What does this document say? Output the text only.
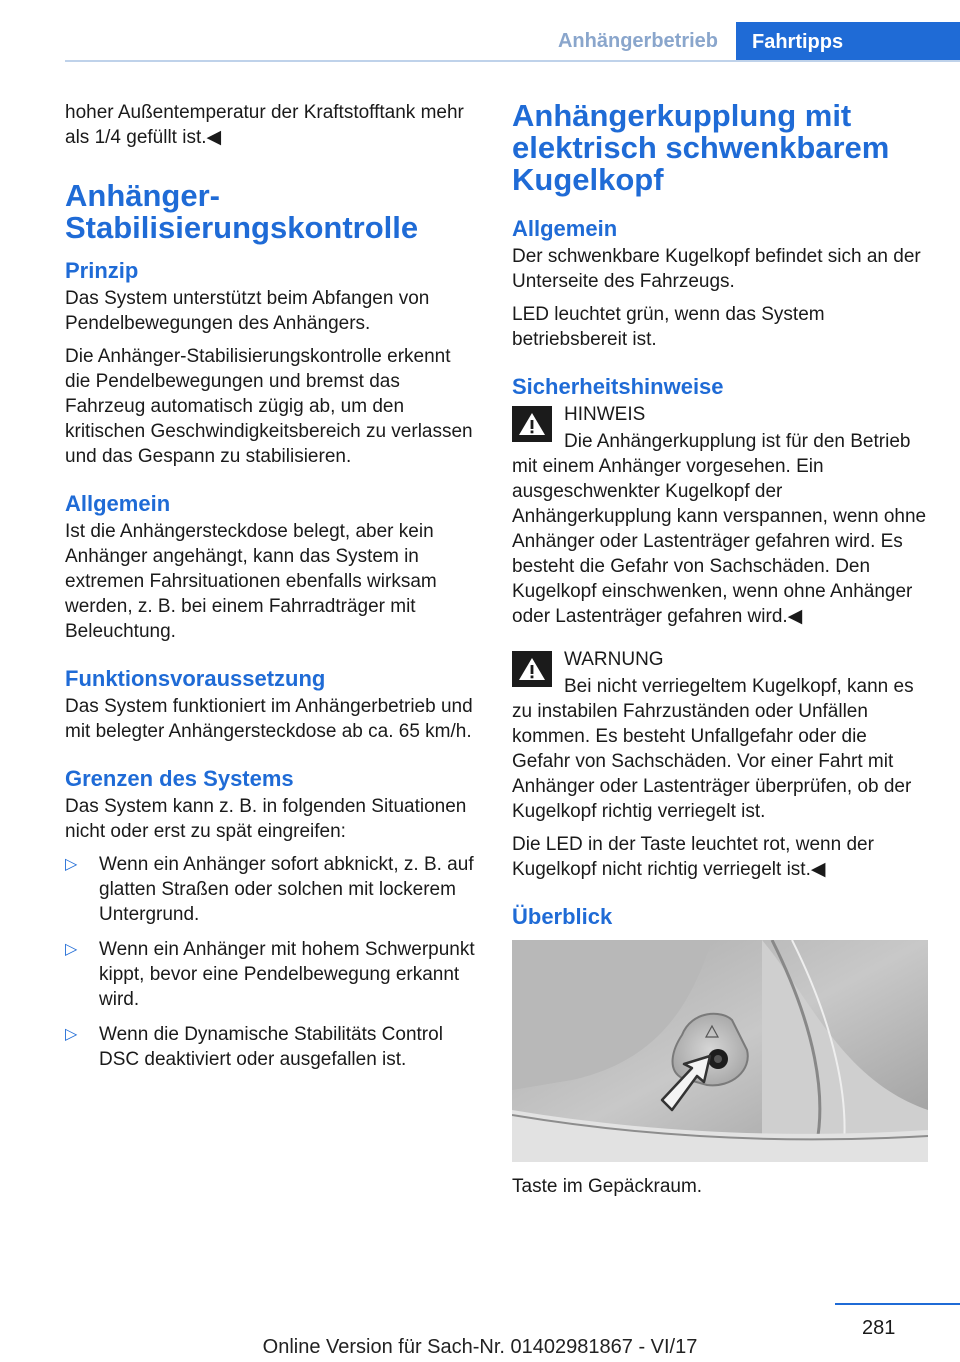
Anhängerbetrieb	Fahrtipps

hoher Außentemperatur der Kraftstofftank mehr als 1/4 gefüllt ist.◀

Anhänger-
Stabilisierungskontrolle
Prinzip

Das System unterstützt beim Abfangen von Pendelbewegungen des Anhängers.

Die Anhänger-Stabilisierungskontrolle erkennt die Pendelbewegungen und bremst das Fahrzeug automatisch zügig ab, um den kritischen Geschwindigkeitsbereich zu verlassen und das Gespann zu stabilisieren.

Allgemein

Ist die Anhängersteckdose belegt, aber kein Anhänger angehängt, kann das System in extremen Fahrsituationen ebenfalls wirksam werden, z. B. bei einem Fahrradträger mit Beleuchtung.

Funktionsvoraussetzung

Das System funktioniert im Anhängerbetrieb und mit belegter Anhängersteckdose ab ca. 65 km/h.

Grenzen des Systems

Das System kann z. B. in folgenden Situationen nicht oder erst zu spät eingreifen:

▷ Wenn ein Anhänger sofort abknickt, z. B. auf glatten Straßen oder solchen mit lockerem Untergrund.
▷ Wenn ein Anhänger mit hohem Schwerpunkt kippt, bevor eine Pendelbewegung erkannt wird.
▷ Wenn die Dynamische Stabilitäts Control DSC deaktiviert oder ausgefallen ist.
Anhängerkupplung mit
elektrisch schwenkbarem
Kugelkopf
Allgemein

Der schwenkbare Kugelkopf befindet sich an der Unterseite des Fahrzeugs.

LED leuchtet grün, wenn das System betriebsbereit ist.

Sicherheitshinweise
HINWEIS
Die Anhängerkupplung ist für den Betrieb mit einem Anhänger vorgesehen. Ein ausgeschwenkter Kugelkopf der Anhängerkupplung kann verspannen, wenn ohne Anhänger oder Lastenträger gefahren wird. Es besteht die Gefahr von Sachschäden. Den Kugelkopf einschwenken, wenn ohne Anhänger oder Lastenträger gefahren wird.◀
WARNUNG
Bei nicht verriegeltem Kugelkopf, kann es zu instabilen Fahrzuständen oder Unfällen kommen. Es besteht Unfallgefahr oder die Gefahr von Sachschäden. Vor einer Fahrt mit Anhänger oder Lastenträger überprüfen, ob der Kugelkopf richtig verriegelt ist.

Die LED in der Taste leuchtet rot, wenn der Kugelkopf nicht richtig verriegelt ist.◀

Überblick
Taste im Gepäckraum.
281
Online Version für Sach-Nr. 01402981867 - VI/17
